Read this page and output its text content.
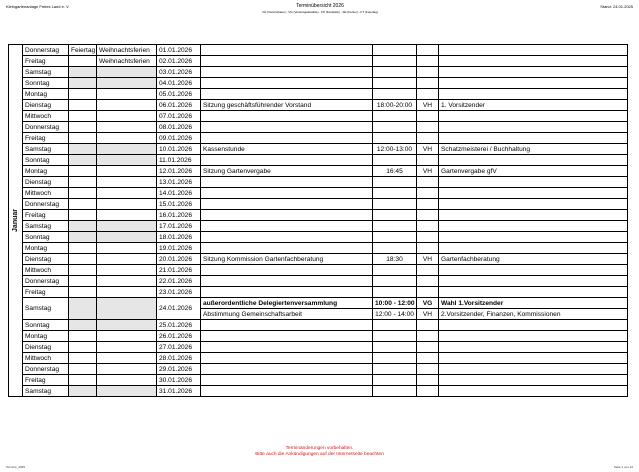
Kleingartenanlage Freies Land e. V.	Terminübersicht 2026
VH (Vereinshaus) - VG (Vereinsgaststätte) - FP (Festplatz) - FE (Ferien) - FT (Feiertag)
Stand: 24.01.2025
Januar	Donnerstag	Feiertag	Weihnachtsferien	01.01.2026				
	Freitag		Weihnachtsferien	02.01.2026				
	Samstag			03.01.2026				
	Sonntag			04.01.2026				
	Montag			05.01.2026				
	Dienstag			06.01.2026	Sitzung geschäftsführender Vorstand	18:00-20:00	VH	1. Vorsitzender
	Mittwoch			07.01.2026				
	Donnerstag			08.01.2026				
	Freitag			09.01.2026				
	Samstag			10.01.2026	Kassenstunde	12:00-13:00	VH	Schatzmeisterei / Buchhaltung
	Sonntag			11.01.2026				
	Montag			12.01.2026	Sitzung Gartenvergabe	16:45	VH	Gartenvergabe gfV
	Dienstag			13.01.2026				
	Mittwoch			14.01.2026				
	Donnerstag			15.01.2026				
	Freitag			16.01.2026				
	Samstag			17.01.2026				
	Sonntag			18.01.2026				
	Montag			19.01.2026				
	Dienstag			20.01.2026	Sitzung Kommission Gartenfachberatung	18:30	VH	Gartenfachberatung
	Mittwoch			21.01.2026				
	Donnerstag			22.01.2026				
	Freitag			23.01.2026				
	Samstag			24.01.2026	außerordentliche Delegiertenversammlung	10:00 - 12:00	VG	Wahl 1.Vorsitzender
					Abstimmung Gemeinschaftsarbeit	12:00 - 14:00	VH	2.Vorsitzender, Finanzen, Kommissionen
	Sonntag			25.01.2026				
	Montag			26.01.2026				
	Dienstag			27.01.2026				
	Mittwoch			28.01.2026				
	Donnerstag			29.01.2026				
	Freitag			30.01.2026				
	Samstag			31.01.2026				
Terminänderungen vorbehalten.
Bitte auch die Ankündigungen auf der Internetseite beachten
Termine_2026	Seite 1 von 12
